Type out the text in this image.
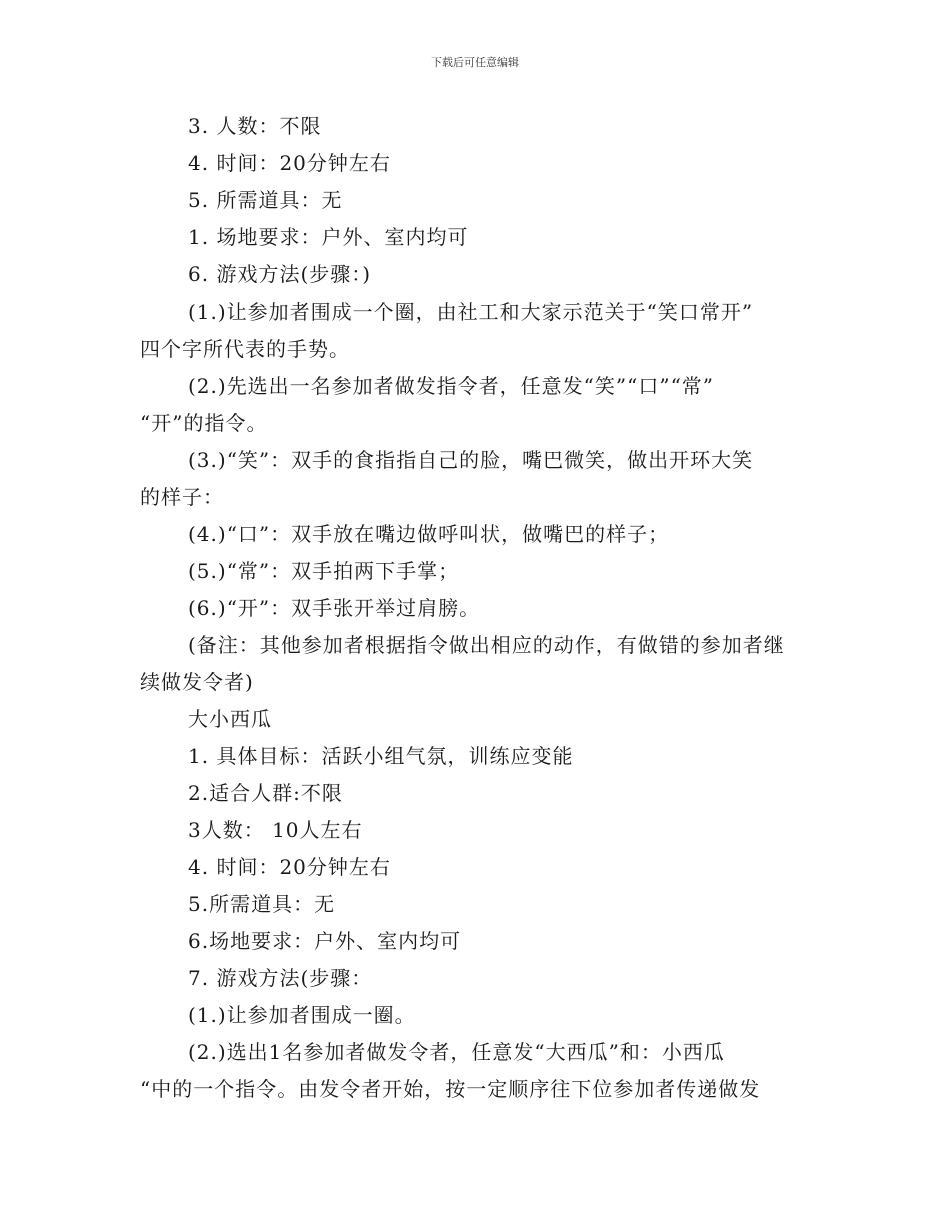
下载后可任意编辑
3. 人数：不限
4. 时间：20分钟左右
5. 所需道具：无
1. 场地要求：户外、室内均可
6. 游戏方法(步骤：)
(1.)让参加者围成一个圈，由社工和大家示范关于“笑口常开”
四个字所代表的手势。
(2.)先选出一名参加者做发指令者，任意发“笑”“口”“常”
“开”的指令。
(3.)“笑”：双手的食指指自己的脸，嘴巴微笑，做出开环大笑
的样子：
(4.)“口”：双手放在嘴边做呼叫状，做嘴巴的样子；
(5.)“常”：双手拍两下手掌；
(6.)“开”：双手张开举过肩膀。
(备注：其他参加者根据指令做出相应的动作，有做错的参加者继
续做发令者)
大小西瓜
1. 具体目标：活跃小组气氛，训练应变能
2.适合人群:不限
3人数： 10人左右
4. 时间：20分钟左右
5.所需道具：无
6.场地要求：户外、室内均可
7. 游戏方法(步骤：
(1.)让参加者围成一圈。
(2.)选出1名参加者做发令者，任意发“大西瓜”和：小西瓜
“中的一个指令。由发令者开始，按一定顺序往下位参加者传递做发
